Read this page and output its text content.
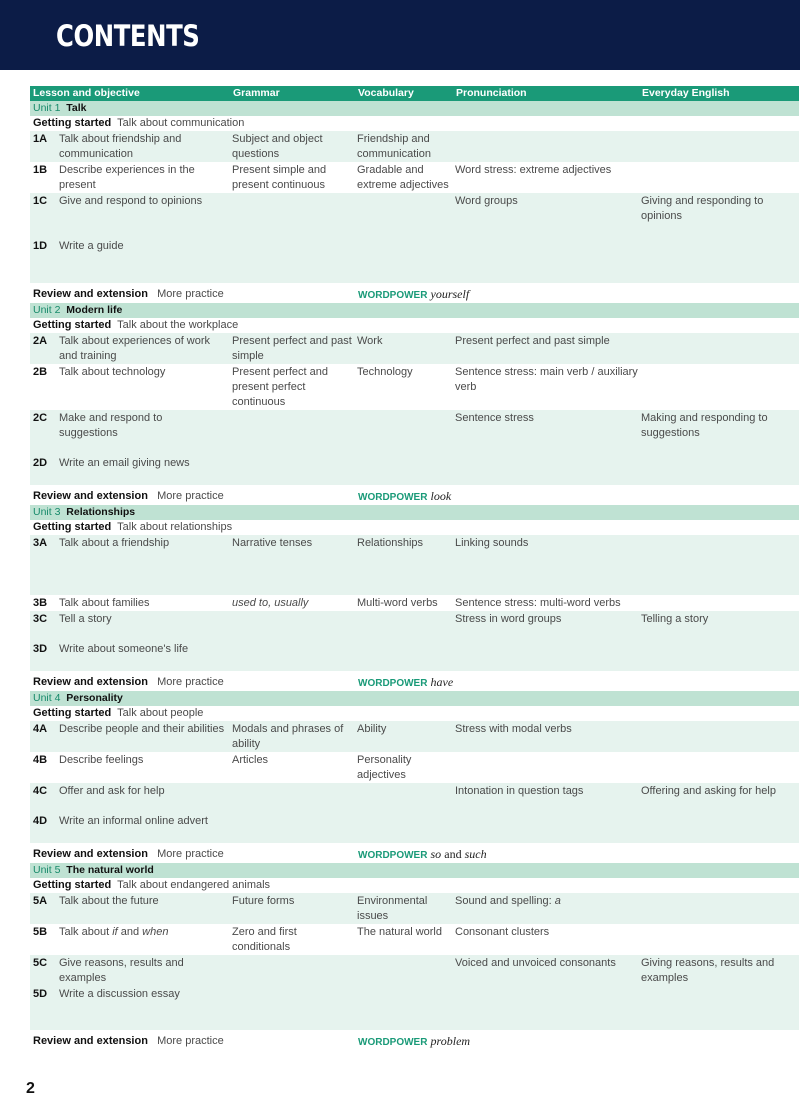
CONTENTS
Lesson and objective	Grammar	Vocabulary	Pronunciation	Everyday English
Unit 1 Talk				
Getting started Talk about communication				
1A Talk about friendship and communication	Subject and object questions	Friendship and communication		
1B Describe experiences in the present	Present simple and present continuous	Gradable and extreme adjectives	Word stress: extreme adjectives	
1C Give and respond to opinions			Word groups	Giving and responding to opinions
1D Write a guide				
Review and extension More practice		WORDPOWER yourself		
Unit 2 Modern life				
Getting started Talk about the workplace				
2A Talk about experiences of work and training	Present perfect and past simple	Work	Present perfect and past simple	
2B Talk about technology	Present perfect and present perfect continuous	Technology	Sentence stress: main verb / auxiliary verb	
2C Make and respond to suggestions			Sentence stress	Making and responding to suggestions
2D Write an email giving news				
Review and extension More practice		WORDPOWER look		
Unit 3 Relationships				
Getting started Talk about relationships				
3A Talk about a friendship	Narrative tenses	Relationships	Linking sounds	
3B Talk about families	used to, usually	Multi-word verbs	Sentence stress: multi-word verbs	
3C Tell a story			Stress in word groups	Telling a story
3D Write about someone's life				
Review and extension More practice		WORDPOWER have		
Unit 4 Personality				
Getting started Talk about people				
4A Describe people and their abilities	Modals and phrases of ability	Ability	Stress with modal verbs	
4B Describe feelings	Articles	Personality adjectives		
4C Offer and ask for help			Intonation in question tags	Offering and asking for help
4D Write an informal online advert				
Review and extension More practice		WORDPOWER so and such		
Unit 5 The natural world				
Getting started Talk about endangered animals				
5A Talk about the future	Future forms	Environmental issues	Sound and spelling: a	
5B Talk about if and when	Zero and first conditionals	The natural world	Consonant clusters	
5C Give reasons, results and examples			Voiced and unvoiced consonants	Giving reasons, results and examples
5D Write a discussion essay				
Review and extension More practice		WORDPOWER problem		
2
